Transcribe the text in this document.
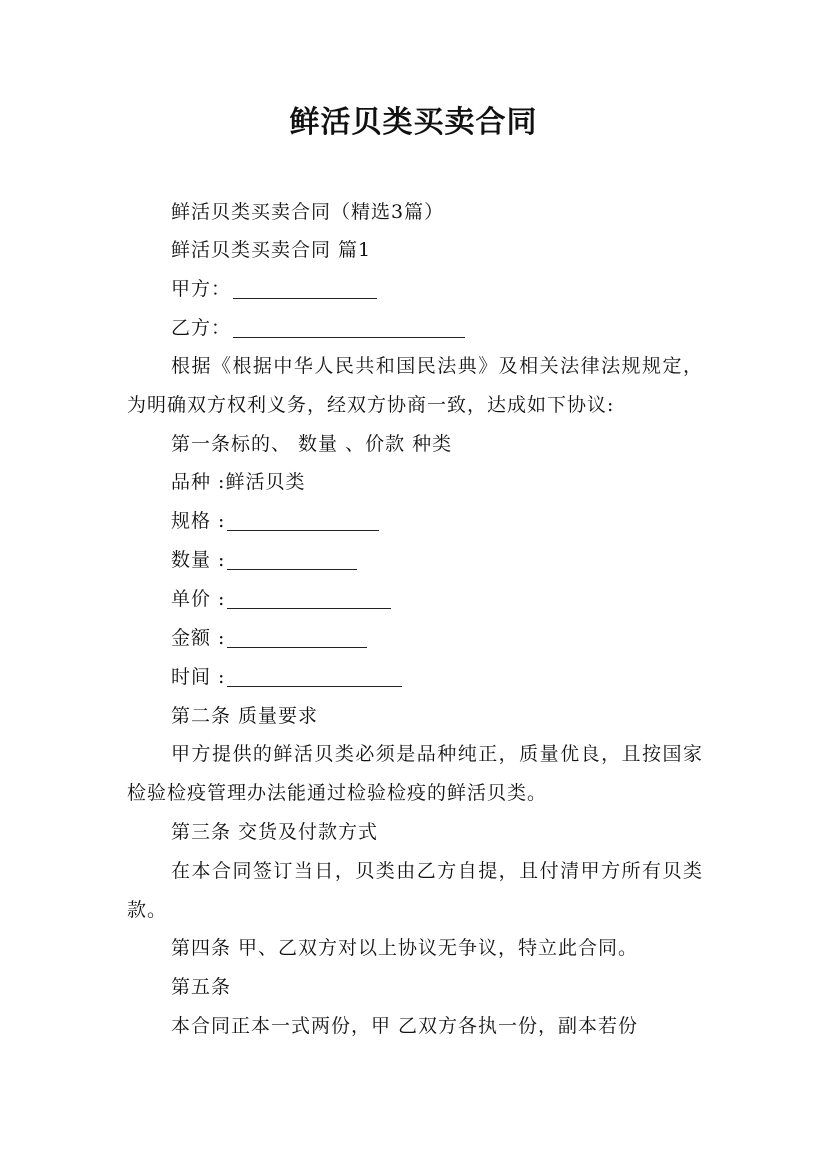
鲜活贝类买卖合同
鲜活贝类买卖合同（精选3篇）
鲜活贝类买卖合同 篇1
甲方：
乙方：
根据《根据中华人民共和国民法典》及相关法律法规规定，为明确双方权利义务，经双方协商一致，达成如下协议:
第一条标的、 数量 、价款 种类
品种 :鲜活贝类
规格 :
数量 :
单价 :
金额 :
时间 :
第二条 质量要求
甲方提供的鲜活贝类必须是品种纯正，质量优良，且按国家检验检疫管理办法能通过检验检疫的鲜活贝类。
第三条 交货及付款方式
在本合同签订当日，贝类由乙方自提，且付清甲方所有贝类款。
第四条 甲、乙双方对以上协议无争议，特立此合同。
第五条
本合同正本一式两份，甲 乙双方各执一份，副本若份
